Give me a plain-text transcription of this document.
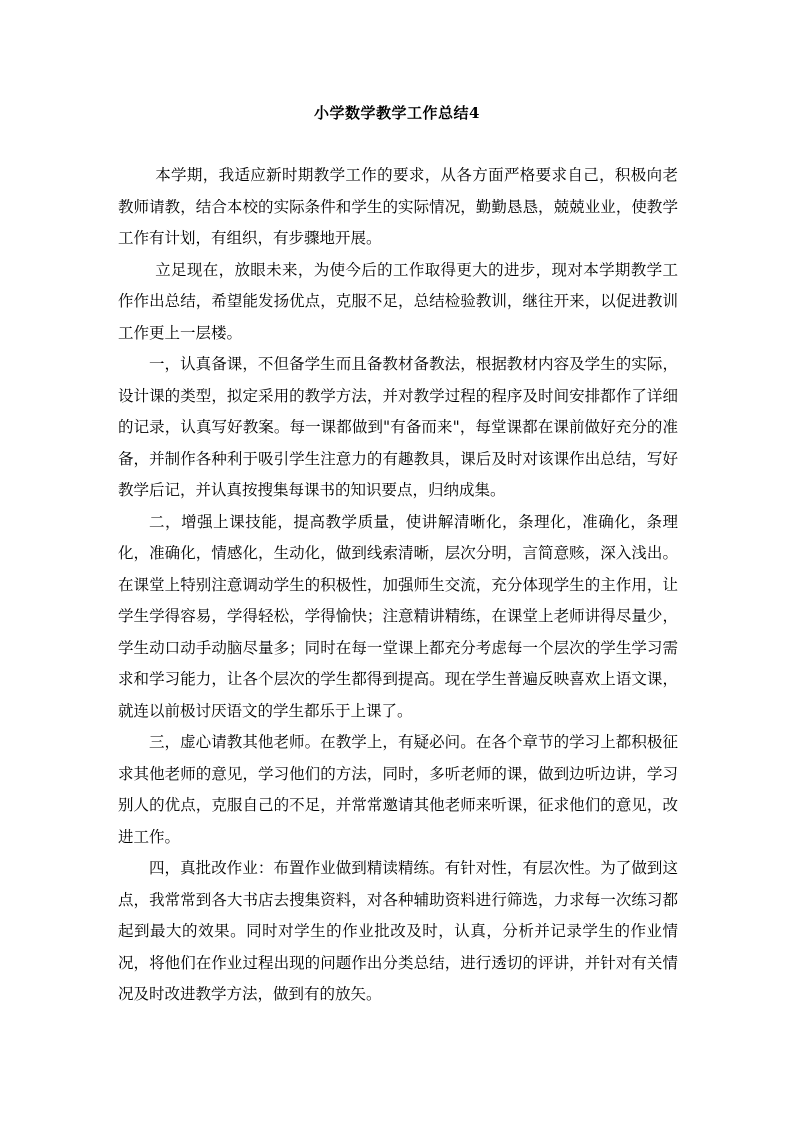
小学数学教学工作总结4

本学期，我适应新时期教学工作的要求，从各方面严格要求自己，积极向老教师请教，结合本校的实际条件和学生的实际情况，勤勤恳恳，兢兢业业，使教学工作有计划，有组织，有步骤地开展。

立足现在，放眼未来，为使今后的工作取得更大的进步，现对本学期教学工作作出总结，希望能发扬优点，克服不足，总结检验教训，继往开来，以促进教训工作更上一层楼。

一，认真备课，不但备学生而且备教材备教法，根据教材内容及学生的实际，设计课的类型，拟定采用的教学方法，并对教学过程的程序及时间安排都作了详细的记录，认真写好教案。每一课都做到"有备而来"，每堂课都在课前做好充分的准备，并制作各种利于吸引学生注意力的有趣教具，课后及时对该课作出总结，写好教学后记，并认真按搜集每课书的知识要点，归纳成集。

二，增强上课技能，提高教学质量，使讲解清晰化，条理化，准确化，条理化，准确化，情感化，生动化，做到线索清晰，层次分明，言简意赅，深入浅出。在课堂上特别注意调动学生的积极性，加强师生交流，充分体现学生的主作用，让学生学得容易，学得轻松，学得愉快；注意精讲精练，在课堂上老师讲得尽量少，学生动口动手动脑尽量多；同时在每一堂课上都充分考虑每一个层次的学生学习需求和学习能力，让各个层次的学生都得到提高。现在学生普遍反映喜欢上语文课，就连以前极讨厌语文的学生都乐于上课了。

三，虚心请教其他老师。在教学上，有疑必问。在各个章节的学习上都积极征求其他老师的意见，学习他们的方法，同时，多听老师的课，做到边听边讲，学习别人的优点，克服自己的不足，并常常邀请其他老师来听课，征求他们的意见，改进工作。

四，真批改作业：布置作业做到精读精练。有针对性，有层次性。为了做到这点，我常常到各大书店去搜集资料，对各种辅助资料进行筛选，力求每一次练习都起到最大的效果。同时对学生的作业批改及时，认真，分析并记录学生的作业情况，将他们在作业过程出现的问题作出分类总结，进行透切的评讲，并针对有关情况及时改进教学方法，做到有的放矢。
